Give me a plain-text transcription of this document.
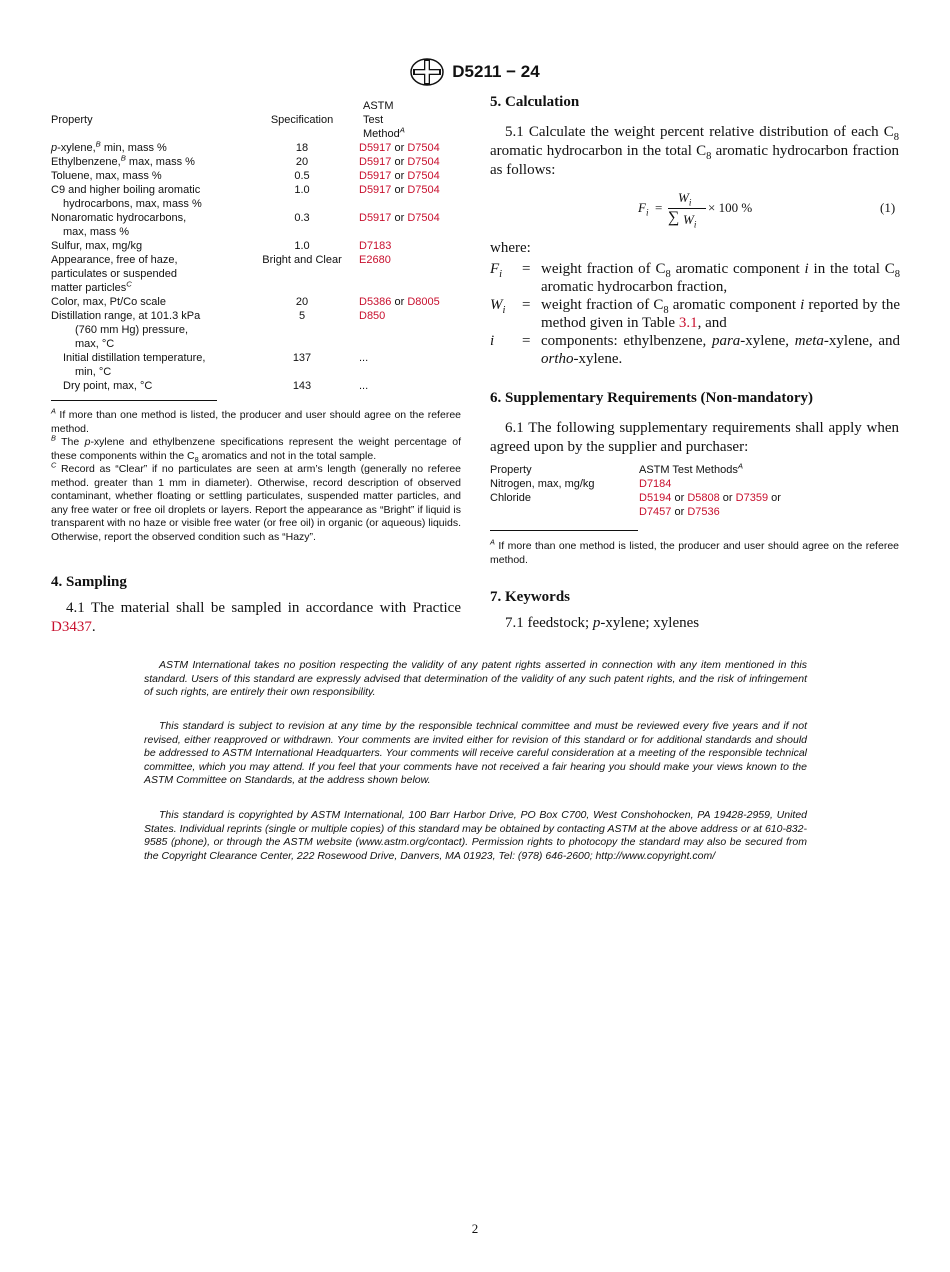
D5211 − 24
Property	Specification	ASTM
Test
Method$^A$

p-xylene,$^B$ min, mass %	18	D5917 or D7504
Ethylbenzene,$^B$ max, mass %	20	D5917 or D7504
Toluene, max, mass %	0.5	D5917 or D7504

C9 and higher boiling aromatic
hydrocarbons, max, mass %	1.0	D5917 or D7504

Nonaromatic hydrocarbons,
max, mass %	0.3	D5917 or D7504
Sulfur, max, mg/kg	1.0	D7183

Appearance, free of haze,
particulates or suspended
matter particles$^C$	Bright and Clear	E2680
Color, max, Pt/Co scale	20	D5386 or D8005

Distillation range, at 101.3 kPa
(760 mm Hg) pressure,
max, °C	5	D850

Initial distillation temperature,
min, °C	137	...

Dry point, max, °C	143	...
$^A$ If more than one method is listed, the producer and user should agree on the referee method.
$^B$ The p-xylene and ethylbenzene specifications represent the weight percentage of these components within the $C_8$ aromatics and not in the total sample.
$^C$ Record as “Clear” if no particulates are seen at arm’s length (generally no referee method. greater than 1 mm in diameter). Otherwise, record description of observed contaminant, whether floating or settling particulates, suspended matter particles, and any free water or free oil droplets or layers. Report the appearance as “Bright” if liquid is transparent with no haze or visible free water (or free oil) in organic (or aqueous) liquids. Otherwise, report the observed condition such as “Hazy”.
4. Sampling
4.1 The material shall be sampled in accordance with Practice D3437.
5. Calculation
5.1 Calculate the weight percent relative distribution of each $C_8$ aromatic hydrocarbon in the total $C_8$ aromatic hydrocarbon fraction as follows:
$F_i$ =
$W_i$
∑ $W_i$
× 100 %	(1)
where:
$F_i$	=	weight fraction of $C_8$ aromatic component i in the total $C_8$ aromatic hydrocarbon fraction,
$W_i$	=	weight fraction of $C_8$ aromatic component i reported by the method given in Table 3.1, and
i	=	components: ethylbenzene, para-xylene, meta-xylene, and ortho-xylene.
6. Supplementary Requirements (Non-mandatory)
6.1 The following supplementary requirements shall apply when agreed upon by the supplier and purchaser:
Property	ASTM Test Methods$^A$
Nitrogen, max, mg/kg	D7184
Chloride	D5194 or D5808 or D7359 or
D7457 or D7536
$^A$ If more than one method is listed, the producer and user should agree on the referee method.
7. Keywords
7.1 feedstock; p-xylene; xylenes
ASTM International takes no position respecting the validity of any patent rights asserted in connection with any item mentioned in this standard. Users of this standard are expressly advised that determination of the validity of any such patent rights, and the risk of infringement of such rights, are entirely their own responsibility.
This standard is subject to revision at any time by the responsible technical committee and must be reviewed every five years and if not revised, either reapproved or withdrawn. Your comments are invited either for revision of this standard or for additional standards and should be addressed to ASTM International Headquarters. Your comments will receive careful consideration at a meeting of the responsible technical committee, which you may attend. If you feel that your comments have not received a fair hearing you should make your views known to the ASTM Committee on Standards, at the address shown below.
This standard is copyrighted by ASTM International, 100 Barr Harbor Drive, PO Box C700, West Conshohocken, PA 19428-2959, United States. Individual reprints (single or multiple copies) of this standard may be obtained by contacting ASTM at the above address or at 610-832-9585 (phone), or through the ASTM website (www.astm.org/contact). Permission rights to photocopy the standard may also be secured from the Copyright Clearance Center, 222 Rosewood Drive, Danvers, MA 01923, Tel: (978) 646-2600; http://www.copyright.com/
2
